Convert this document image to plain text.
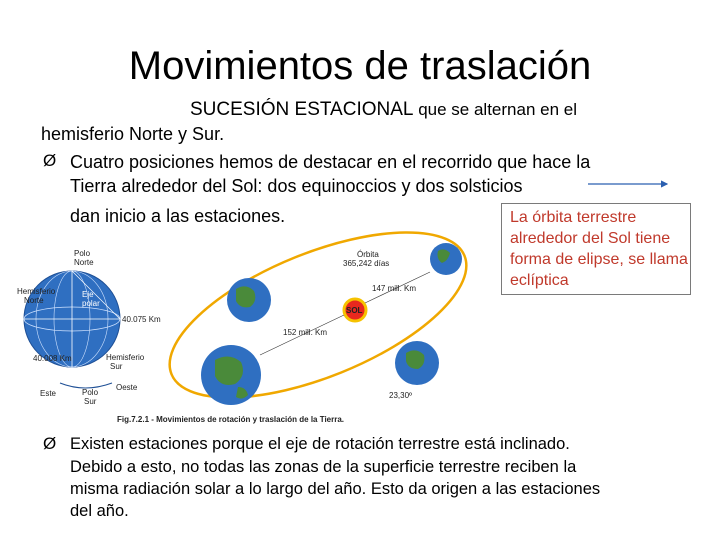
Movimientos de traslación
SUCESIÓN ESTACIONAL que se alternan en el
hemisferio Norte y Sur.
Ø Cuatro posiciones hemos de destacar en el recorrido que hace la
Tierra alrededor del Sol: dos equinoccios y dos solsticios
dan inicio a las estaciones.	La órbita terrestre alrededor del Sol tiene forma de elipse, se llama eclíptica
Polo
Norte
Hemisferio
Norte
Eje
polar
40.075 Km
40.008 Km	Hemisferio
Sur
Oeste
Este	Polo
Sur
SOL
147 mill. Km
152 mill. Km
Órbita
365,242 días
23,30º
Fig.7.2.1 - Movimientos de rotación y traslación de la Tierra.
Ø Existen estaciones porque el eje de rotación terrestre está inclinado.
Debido a esto, no todas las zonas de la superficie terrestre reciben la
misma radiación solar a lo largo del año. Esto da origen a las estaciones
del año.
